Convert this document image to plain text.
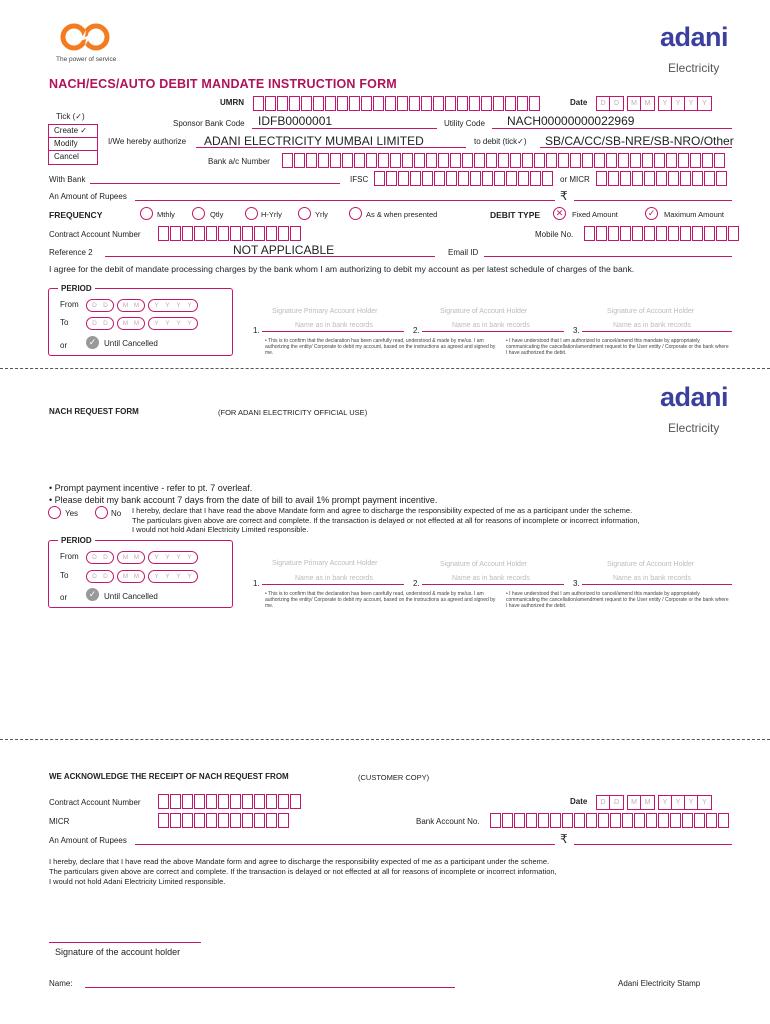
The power of service
adani
Electricity
NACH/ECS/AUTO DEBIT MANDATE INSTRUCTION FORM
UMRN	Date	D	D	M	M	Y	Y	Y	Y
Tick (✓)
Create ✓
Modify
Cancel
Sponsor Bank Code IDFB0000001	Utility Code NACH00000000022969
I/We hereby authorize ADANI ELECTRICITY MUMBAI LIMITED	to debit (tick✓) SB/CA/CC/SB-NRE/SB-NRO/Other
Bank a/c Number
With Bank	IFSC	or MICR
An Amount of Rupees	₹
FREQUENCY	Mthly	Qtly	H-Yrly	Yrly	As & when presented	DEBIT TYPE	✕	Fixed Amount	✓	Maximum Amount
Contract Account Number	Mobile No.
Reference 2	NOT APPLICABLE	Email ID
I agree for the debit of mandate processing charges by the bank whom I am authorizing to debit my account as per latest schedule of charges of the bank.
PERIOD
From	D D	M M	Y	Y	Y	Y
To	D D	M M	Y	Y	Y	Y
or	✓ Until Cancelled
Signature Primary Account Holder	Signature of Account Holder	Signature of Account Holder
1.
Name as in bank records
2.
Name as in bank records
3.
Name as in bank records
• This is to confirm that the declaration has been carefully read, understood & made by me/us. I am authorizing the entity/ Corporate to debit my account, based on the instructions as agreed and signed by me.
• I have understood that I am authorized to cancel/amend this mandate by appropriately communicating the cancellation/amendment request to the User entity / Corporate or the bank where I have authorized the debit.
NACH REQUEST FORM	(FOR ADANI ELECTRICITY OFFICIAL USE)
adani
Electricity
• Prompt payment incentive - refer to pt. 7 overleaf.
• Please debit my bank account 7 days from the date of bill to avail 1% prompt payment incentive.
Yes	No I hereby, declare that I have read the above Mandate form and agree to discharge the responsibility expected of me as a participant under the scheme.
The particulars given above are correct and complete. If the transaction is delayed or not effected at all for reasons of incomplete or incorrect information,
I would not hold Adani Electricity Limited responsible.
PERIOD
From	D D	M M	Y	Y	Y	Y
To	D D	M M	Y	Y	Y	Y
or	✓ Until Cancelled
Signature Primary Account Holder	Signature of Account Holder	Signature of Account Holder
1.
Name as in bank records
2.
Name as in bank records
3.
Name as in bank records
• This is to confirm that the declaration has been carefully read, understood & made by me/us. I am authorizing the entity/ Corporate to debit my account, based on the instructions as agreed and signed by me.
• I have understood that I am authorized to cancel/amend this mandate by appropriately communicating the cancellation/amendment request to the User entity / Corporate or the bank where I have authorized the debit.
WE ACKNOWLEDGE THE RECEIPT OF NACH REQUEST FROM	(CUSTOMER COPY)
Contract Account Number	Date	D	D	M	M	Y	Y	Y	Y
MICR	Bank Account No.
An Amount of Rupees	₹
I hereby, declare that I have read the above Mandate form and agree to discharge the responsibility expected of me as a participant under the scheme.
The particulars given above are correct and complete. If the transaction is delayed or not effected at all for reasons of incomplete or incorrect information,
I would not hold Adani Electricity Limited responsible.
Signature of the account holder
Name:	Adani Electricity Stamp
